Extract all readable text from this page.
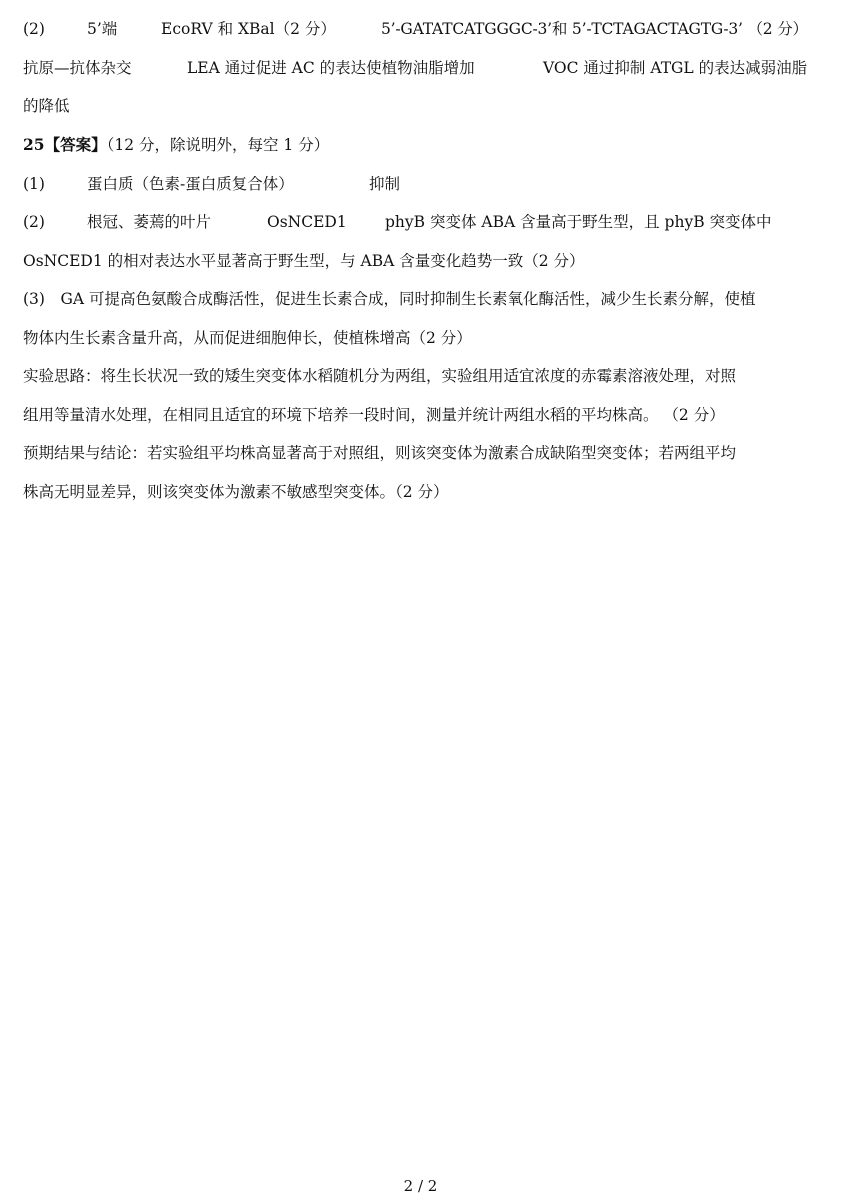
(2)	5’端	EcoRV 和 XBal（2 分）	5’-GATATCATGGGC-3’和 5’-TCTAGACTAGTG-3’ （2 分）
抗原—抗体杂交	LEA 通过促进 AC 的表达使植物油脂增加	VOC 通过抑制 ATGL 的表达减弱油脂
的降低
25【答案】（12 分，除说明外，每空 1 分）
(1)	蛋白质（色素-蛋白质复合体）	抑制
(2)	根冠、萎蔫的叶片	OsNCED1 phyB 突变体 ABA 含量高于野生型，且 phyB 突变体中
OsNCED1 的相对表达水平显著高于野生型，与 ABA 含量变化趋势一致（2 分）
(3)　GA 可提高色氨酸合成酶活性，促进生长素合成，同时抑制生长素氧化酶活性，减少生长素分解，使植
物体内生长素含量升高，从而促进细胞伸长，使植株增高（2 分）
实验思路：将生长状况一致的矮生突变体水稻随机分为两组，实验组用适宜浓度的赤霉素溶液处理，对照
组用等量清水处理，在相同且适宜的环境下培养一段时间，测量并统计两组水稻的平均株高。 （2 分）
预期结果与结论：若实验组平均株高显著高于对照组，则该突变体为激素合成缺陷型突变体；若两组平均
株高无明显差异，则该突变体为激素不敏感型突变体。（2 分）
2 / 2
